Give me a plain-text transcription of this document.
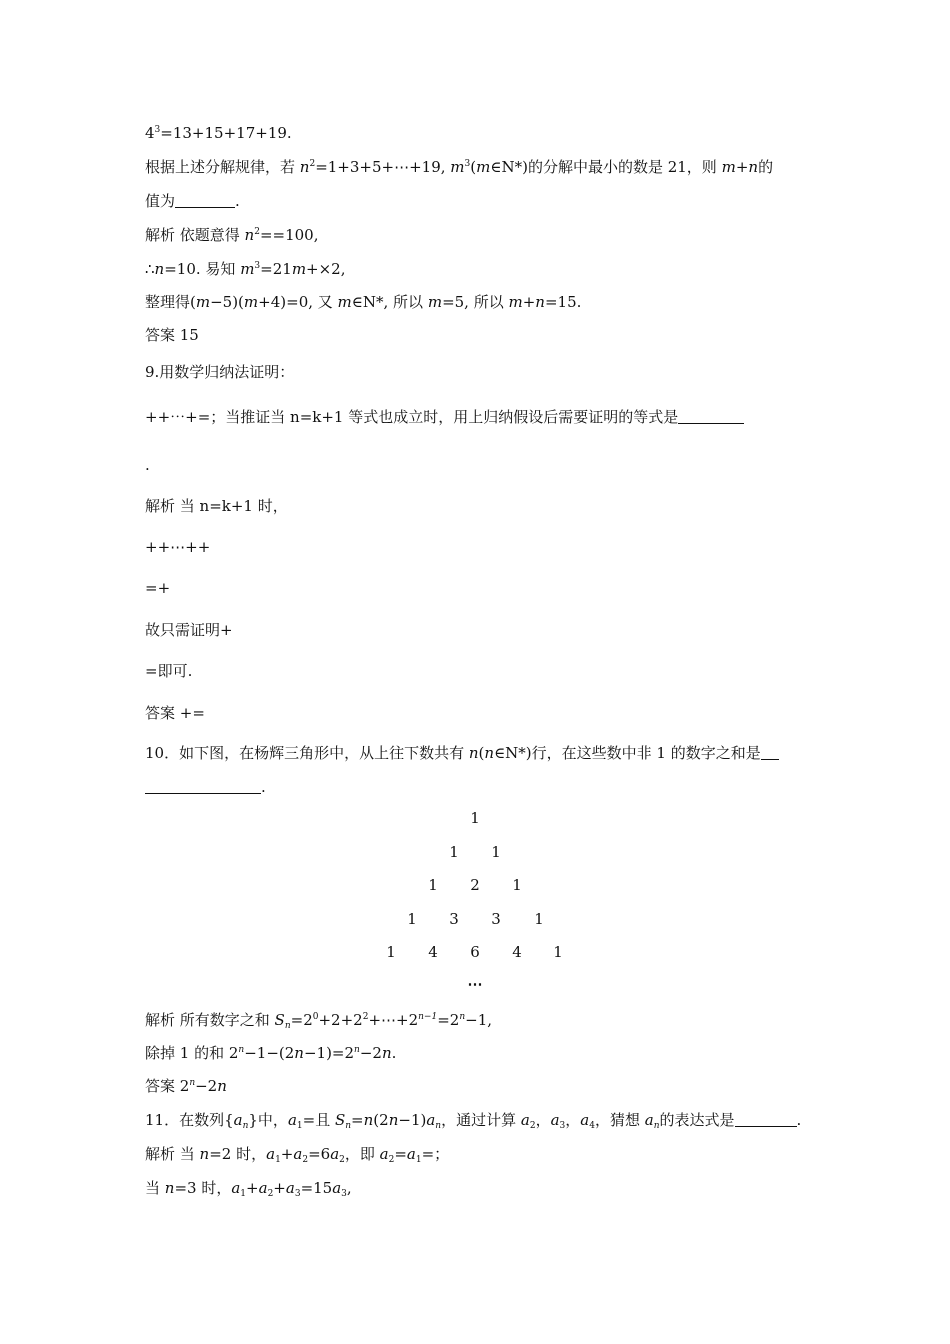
$4^3=13+15+17+19$.
根据上述分解规律，若 $n^2=1+3+5+\cdots+19$, $m^3(m\in N*)$的分解中最小的数是 21，则 m+n的
值为	.
解析 依题意得 $n^2==100$,
∴n=10. 易知 $m^3=21m+\times 2$,
整理得(m−5)(m+4)=0, 又 m∈N*, 所以 m=5, 所以 m+n=15.
答案 15
9.用数学归纳法证明：
++⋯+=；当推证当 n=k+1 等式也成立时，用上归纳假设后需要证明的等式是
.
解析 当 n=k+1 时，
++⋯++
=+
故只需证明+
=即可.
答案 +=
10．如下图，在杨辉三角形中，从上往下数共有 n(n∈N*)行，在这些数中非 1 的数字之和是
.
1
1	1
1	2	1
1	3	3	1
1	4	6	4	1
⋯
解析 所有数字之和 $S_n=2^0+2+2^2+\cdots+2^{n-1}=2^n-1$,
除掉 1 的和 $2^n-1-(2n-1)=2^n-2n$.
答案 $2^n-2n$
11．在数列$\{a_n\}$中，$a_1=$且 $S_n=n(2n-1)a_n$，通过计算 $a_2$，$a_3$，$a_4$，猜想 $a_n$的表达式是	.
解析 当 n=2 时，$a_1+a_2=6a_2$，即 $a_2=a_1=$；
当 n=3 时，$a_1+a_2+a_3=15a_3$,
